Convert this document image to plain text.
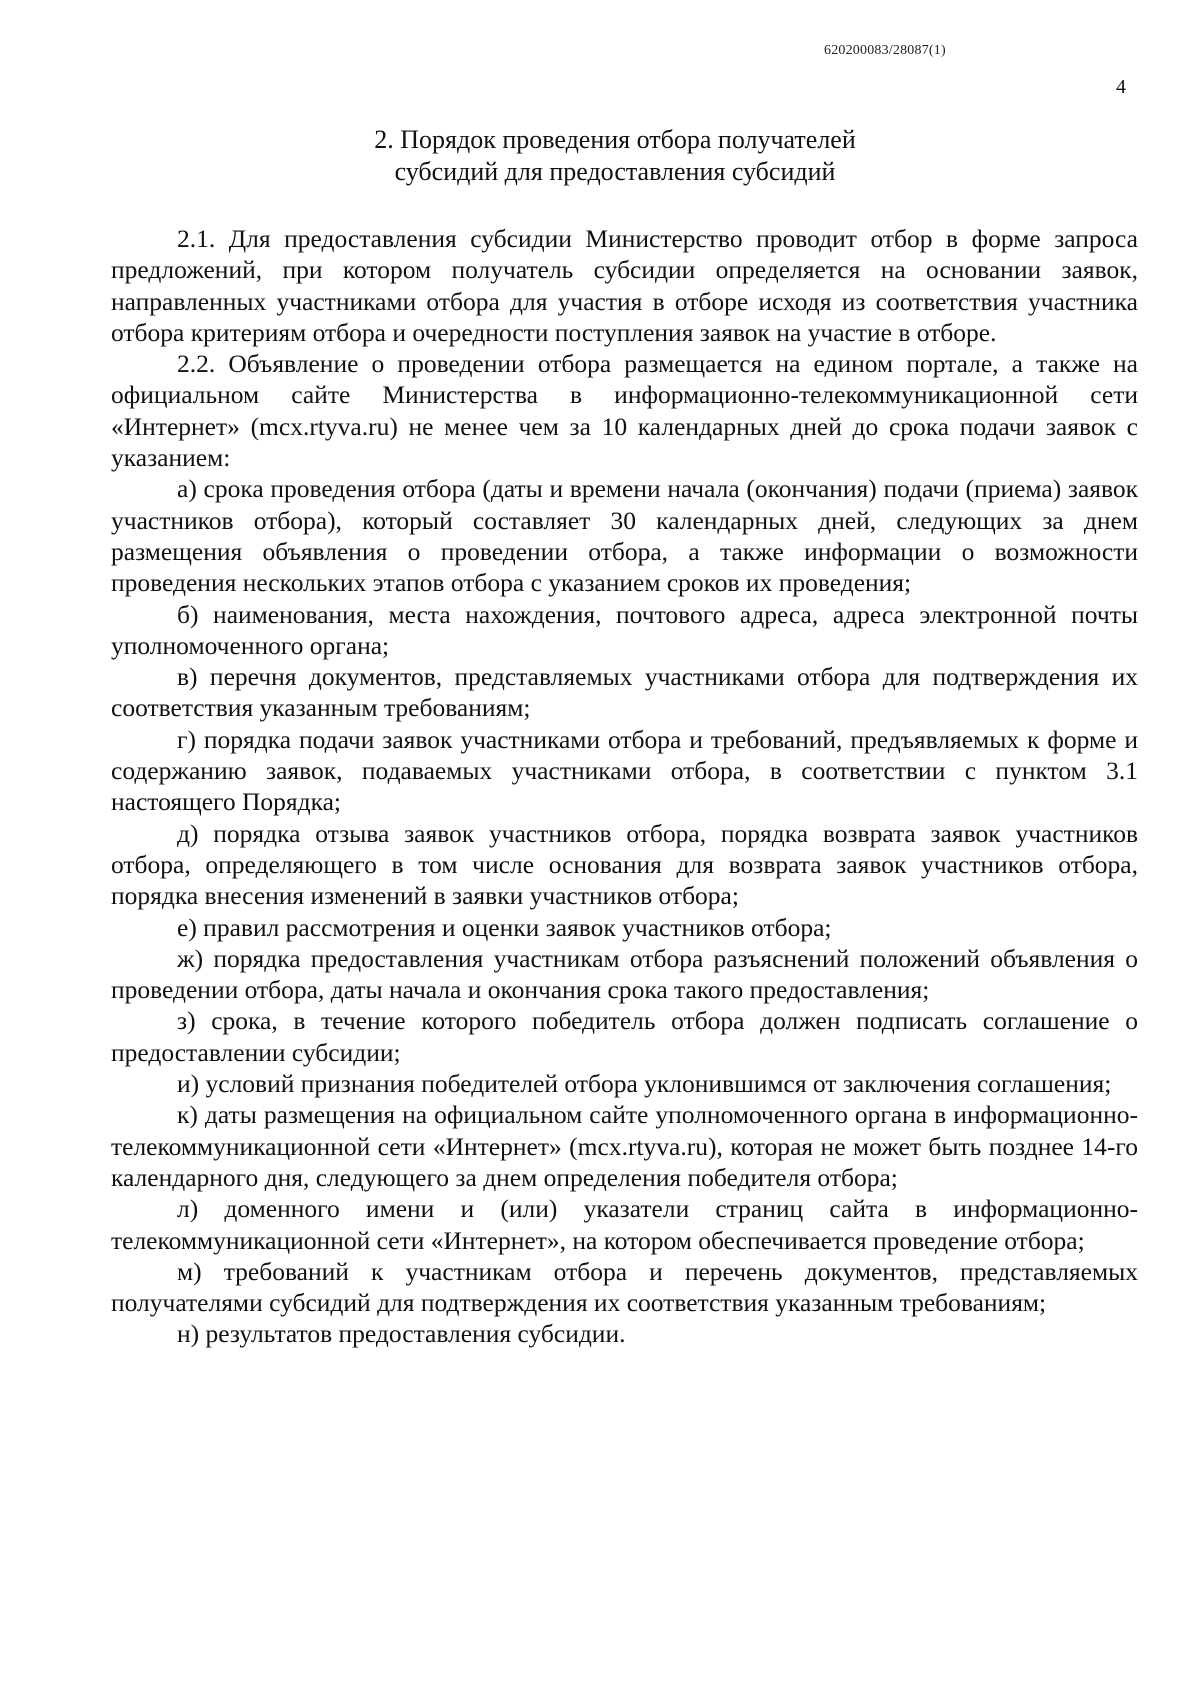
620200083/28087(1)
4
2. Порядок проведения отбора получателей
субсидий для предоставления субсидий

2.1. Для предоставления субсидии Министерство проводит отбор в форме запроса предложений, при котором получатель субсидии определяется на основании заявок, направленных участниками отбора для участия в отборе исходя из соответствия участника отбора критериям отбора и очередности поступления заявок на участие в отборе.

2.2. Объявление о проведении отбора размещается на едином портале, а также на официальном сайте Министерства в информационно-телекоммуникационной сети «Интернет» (mcx.rtyva.ru) не менее чем за 10 календарных дней до срока подачи заявок с указанием:

а) срока проведения отбора (даты и времени начала (окончания) подачи (приема) заявок участников отбора), который составляет 30 календарных дней, следующих за днем размещения объявления о проведении отбора, а также информации о возможности проведения нескольких этапов отбора с указанием сроков их проведения;

б) наименования, места нахождения, почтового адреса, адреса электронной почты уполномоченного органа;

в) перечня документов, представляемых участниками отбора для подтверждения их соответствия указанным требованиям;

г) порядка подачи заявок участниками отбора и требований, предъявляемых к форме и содержанию заявок, подаваемых участниками отбора, в соответствии с пунктом 3.1 настоящего Порядка;

д) порядка отзыва заявок участников отбора, порядка возврата заявок участников отбора, определяющего в том числе основания для возврата заявок участников отбора, порядка внесения изменений в заявки участников отбора;

е) правил рассмотрения и оценки заявок участников отбора;

ж) порядка предоставления участникам отбора разъяснений положений объявления о проведении отбора, даты начала и окончания срока такого предоставления;

з) срока, в течение которого победитель отбора должен подписать соглашение о предоставлении субсидии;

и) условий признания победителей отбора уклонившимся от заключения соглашения;

к) даты размещения на официальном сайте уполномоченного органа в информационно-телекоммуникационной сети «Интернет» (mcx.rtyva.ru), которая не может быть позднее 14-го календарного дня, следующего за днем определения победителя отбора;

л) доменного имени и (или) указатели страниц сайта в информационно-телекоммуникационной сети «Интернет», на котором обеспечивается проведение отбора;

м) требований к участникам отбора и перечень документов, представляемых получателями субсидий для подтверждения их соответствия указанным требованиям;

н) результатов предоставления субсидии.
